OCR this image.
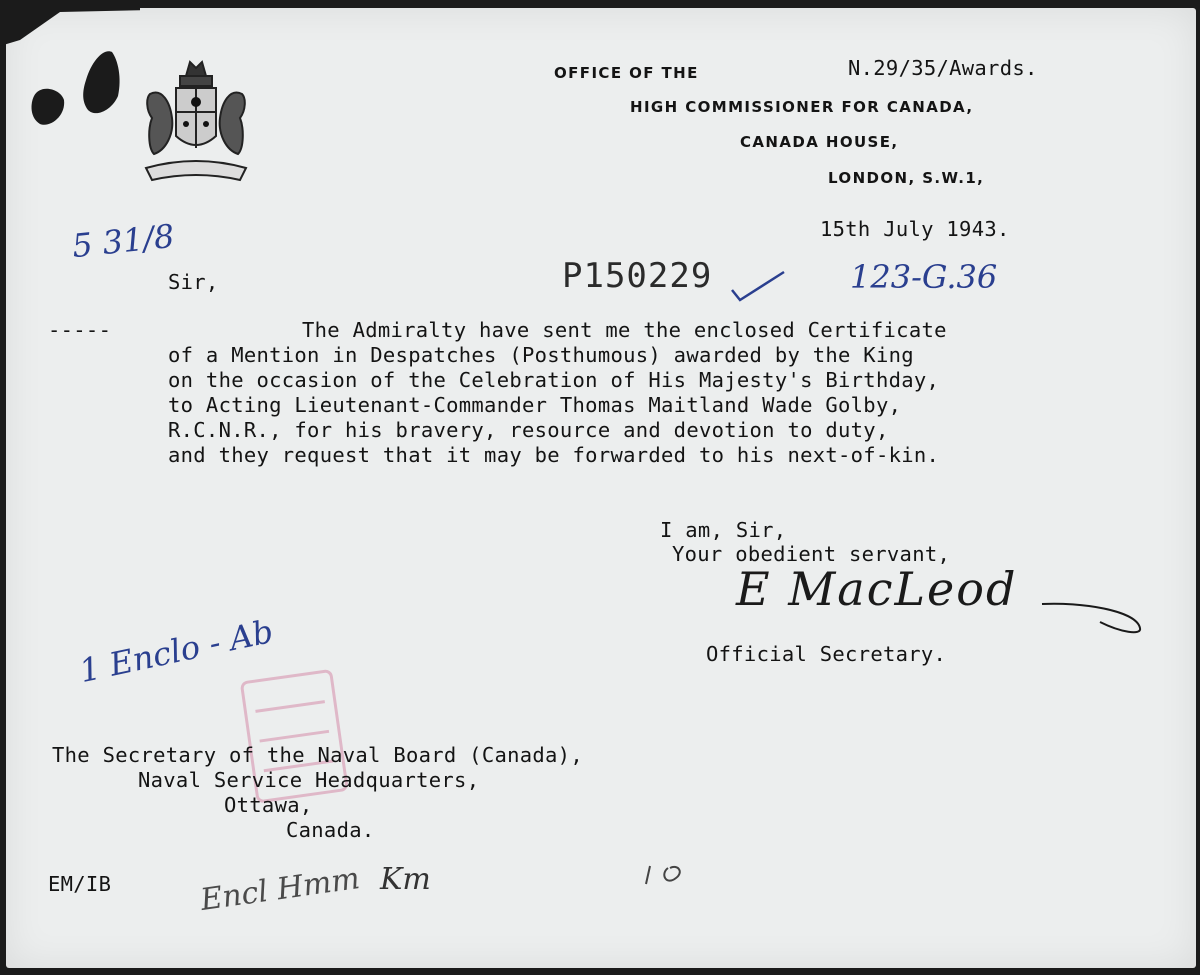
OFFICE OF THE
HIGH COMMISSIONER FOR CANADA,
CANADA HOUSE,
LONDON, S.W.1,
N.29/35/Awards.
15th July 1943.
5 31/8
P150229	123-G.36
Sir,
-----	The Admiralty have sent me the enclosed Certificate
of a Mention in Despatches (Posthumous) awarded by the King
on the occasion of the Celebration of His Majesty's Birthday,
to Acting Lieutenant-Commander Thomas Maitland Wade Golby,
R.C.N.R., for his bravery, resource and devotion to duty,
and they request that it may be forwarded to his next-of-kin.
I am, Sir,
Your obedient servant,
E MacLeod
Official Secretary.
1 Enclo - Ab
The Secretary of the Naval Board (Canada),
Naval Service Headquarters,
Ottawa,
Canada.
EM/IB	Encl Hmm Km
